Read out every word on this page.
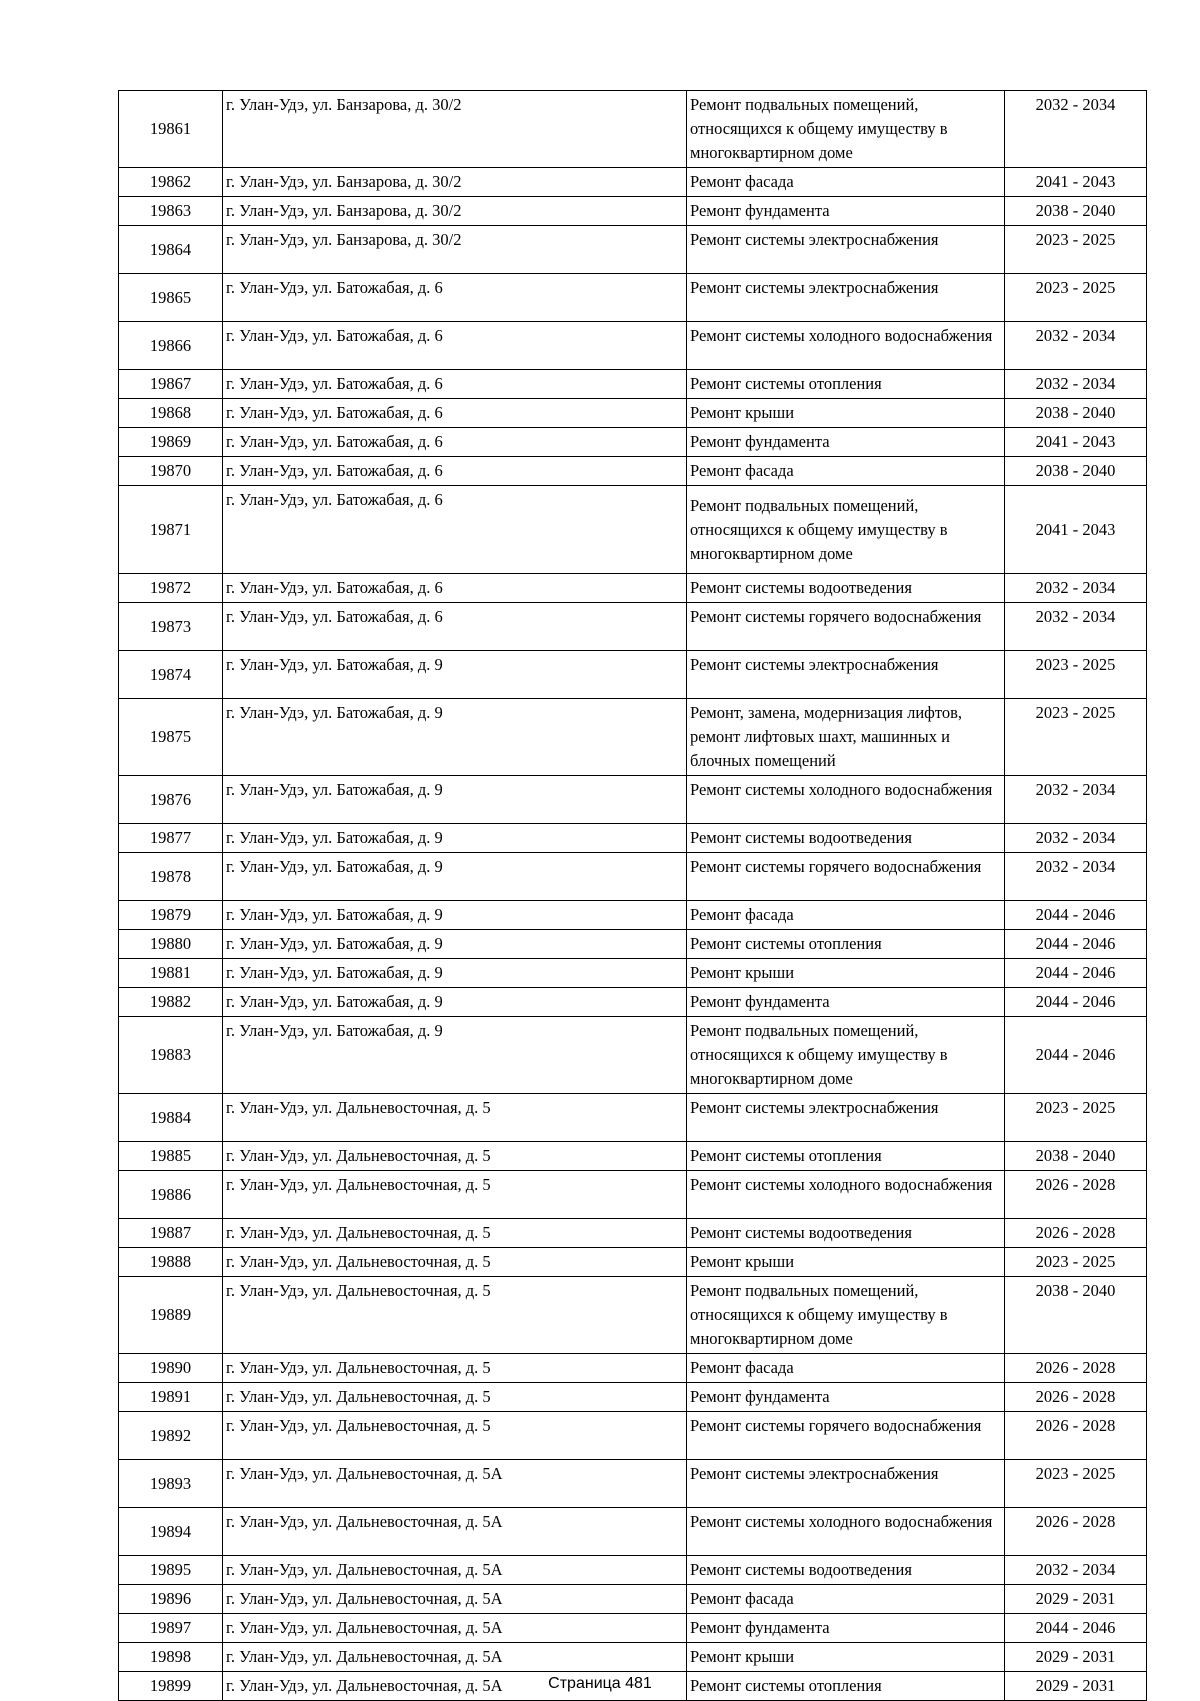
19861	г. Улан-Удэ, ул. Банзарова, д. 30/2	Ремонт подвальных помещений, относящихся к общему имуществу в многоквартирном доме	2032 - 2034
19862	г. Улан-Удэ, ул. Банзарова, д. 30/2	Ремонт фасада	2041 - 2043
19863	г. Улан-Удэ, ул. Банзарова, д. 30/2	Ремонт фундамента	2038 - 2040
19864	г. Улан-Удэ, ул. Банзарова, д. 30/2	Ремонт системы электроснабжения	2023 - 2025
19865	г. Улан-Удэ, ул. Батожабая, д. 6	Ремонт системы электроснабжения	2023 - 2025
19866	г. Улан-Удэ, ул. Батожабая, д. 6	Ремонт системы холодного водоснабжения	2032 - 2034
19867	г. Улан-Удэ, ул. Батожабая, д. 6	Ремонт системы отопления	2032 - 2034
19868	г. Улан-Удэ, ул. Батожабая, д. 6	Ремонт крыши	2038 - 2040
19869	г. Улан-Удэ, ул. Батожабая, д. 6	Ремонт фундамента	2041 - 2043
19870	г. Улан-Удэ, ул. Батожабая, д. 6	Ремонт фасада	2038 - 2040
19871	г. Улан-Удэ, ул. Батожабая, д. 6	Ремонт подвальных помещений, относящихся к общему имуществу в многоквартирном доме	2041 - 2043
19872	г. Улан-Удэ, ул. Батожабая, д. 6	Ремонт системы водоотведения	2032 - 2034
19873	г. Улан-Удэ, ул. Батожабая, д. 6	Ремонт системы горячего водоснабжения	2032 - 2034
19874	г. Улан-Удэ, ул. Батожабая, д. 9	Ремонт системы электроснабжения	2023 - 2025
19875	г. Улан-Удэ, ул. Батожабая, д. 9	Ремонт, замена, модернизация лифтов, ремонт лифтовых шахт, машинных и блочных помещений	2023 - 2025
19876	г. Улан-Удэ, ул. Батожабая, д. 9	Ремонт системы холодного водоснабжения	2032 - 2034
19877	г. Улан-Удэ, ул. Батожабая, д. 9	Ремонт системы водоотведения	2032 - 2034
19878	г. Улан-Удэ, ул. Батожабая, д. 9	Ремонт системы горячего водоснабжения	2032 - 2034
19879	г. Улан-Удэ, ул. Батожабая, д. 9	Ремонт фасада	2044 - 2046
19880	г. Улан-Удэ, ул. Батожабая, д. 9	Ремонт системы отопления	2044 - 2046
19881	г. Улан-Удэ, ул. Батожабая, д. 9	Ремонт крыши	2044 - 2046
19882	г. Улан-Удэ, ул. Батожабая, д. 9	Ремонт фундамента	2044 - 2046
19883	г. Улан-Удэ, ул. Батожабая, д. 9	Ремонт подвальных помещений, относящихся к общему имуществу в многоквартирном доме	2044 - 2046
19884	г. Улан-Удэ, ул. Дальневосточная, д. 5	Ремонт системы электроснабжения	2023 - 2025
19885	г. Улан-Удэ, ул. Дальневосточная, д. 5	Ремонт системы отопления	2038 - 2040
19886	г. Улан-Удэ, ул. Дальневосточная, д. 5	Ремонт системы холодного водоснабжения	2026 - 2028
19887	г. Улан-Удэ, ул. Дальневосточная, д. 5	Ремонт системы водоотведения	2026 - 2028
19888	г. Улан-Удэ, ул. Дальневосточная, д. 5	Ремонт крыши	2023 - 2025
19889	г. Улан-Удэ, ул. Дальневосточная, д. 5	Ремонт подвальных помещений, относящихся к общему имуществу в многоквартирном доме	2038 - 2040
19890	г. Улан-Удэ, ул. Дальневосточная, д. 5	Ремонт фасада	2026 - 2028
19891	г. Улан-Удэ, ул. Дальневосточная, д. 5	Ремонт фундамента	2026 - 2028
19892	г. Улан-Удэ, ул. Дальневосточная, д. 5	Ремонт системы горячего водоснабжения	2026 - 2028
19893	г. Улан-Удэ, ул. Дальневосточная, д. 5А	Ремонт системы электроснабжения	2023 - 2025
19894	г. Улан-Удэ, ул. Дальневосточная, д. 5А	Ремонт системы холодного водоснабжения	2026 - 2028
19895	г. Улан-Удэ, ул. Дальневосточная, д. 5А	Ремонт системы водоотведения	2032 - 2034
19896	г. Улан-Удэ, ул. Дальневосточная, д. 5А	Ремонт фасада	2029 - 2031
19897	г. Улан-Удэ, ул. Дальневосточная, д. 5А	Ремонт фундамента	2044 - 2046
19898	г. Улан-Удэ, ул. Дальневосточная, д. 5А	Ремонт крыши	2029 - 2031
19899	г. Улан-Удэ, ул. Дальневосточная, д. 5А	Ремонт системы отопления	2029 - 2031
Страница 481
